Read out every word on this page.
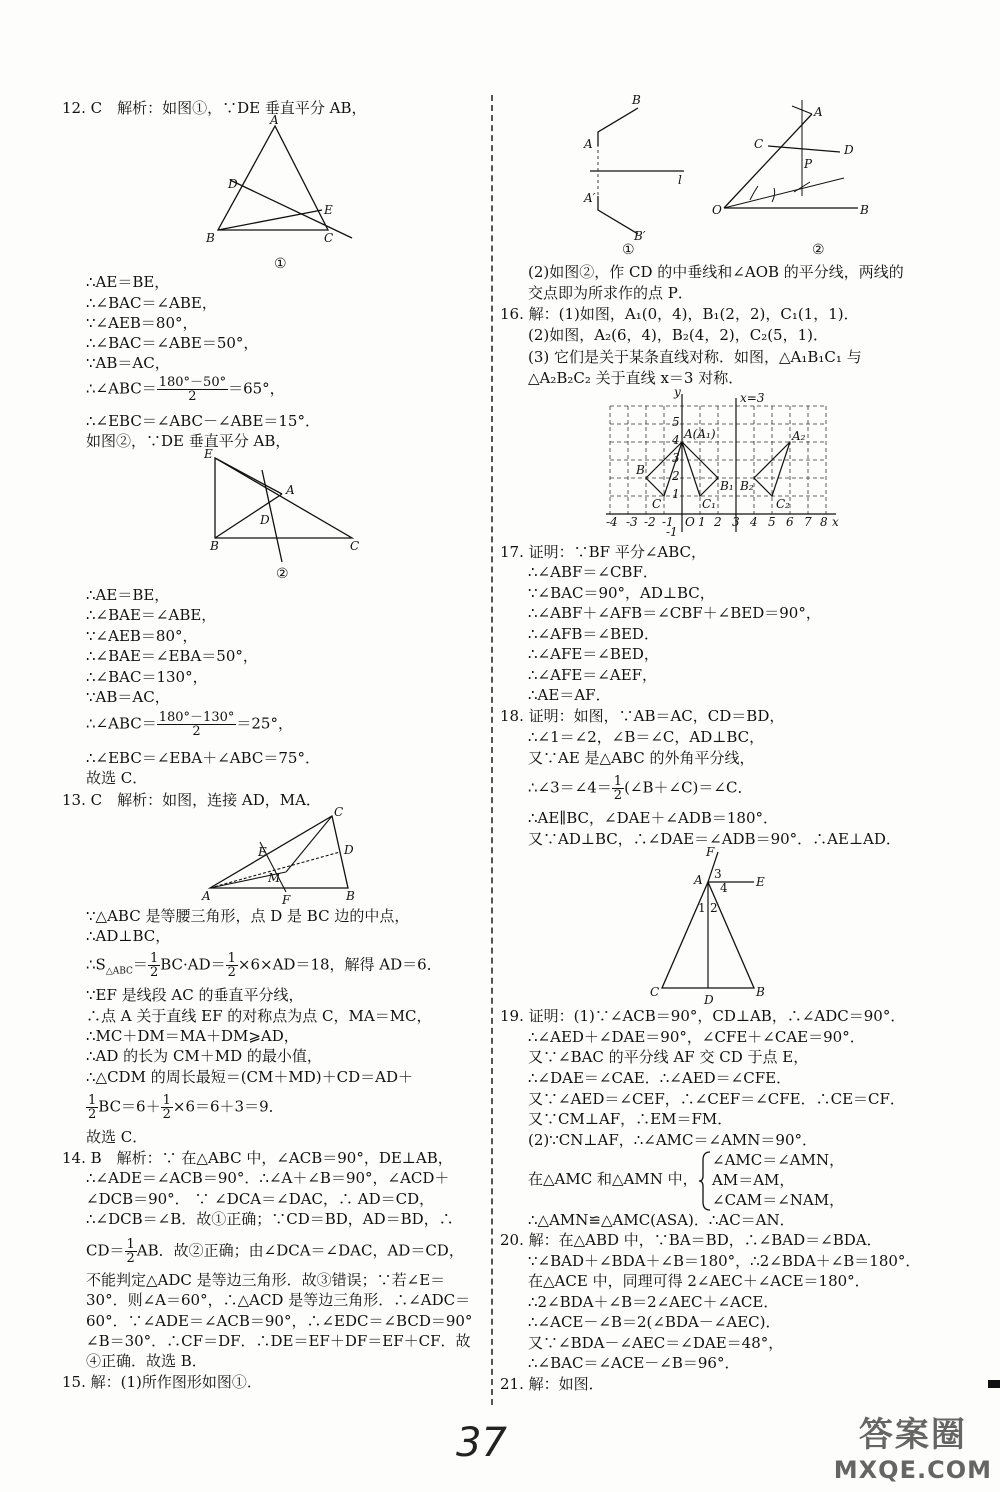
12. C　解析：如图①，∵DE 垂直平分 AB，
A
B	C
D
E
①
∴AE＝BE，
∴∠BAC＝∠ABE，
∵∠AEB＝80°，
∴∠BAC＝∠ABE＝50°，
∵AB＝AC，
∴∠ABC＝ $\frac{180^\circ-50^\circ}{2} =65^\circ$，
∴∠EBC＝∠ABC－∠ABE＝15°．
如图②，∵DE 垂直平分 AB，
E
A
D
B	C
②
∴AE＝BE，
∴∠BAE＝∠ABE，
∵∠AEB＝80°，
∴∠BAE＝∠EBA＝50°，
∴∠BAC＝130°，
∵AB＝AC，
∴∠ABC＝ $\frac{180^\circ-130^\circ}{2} =25^\circ$，
∴∠EBC＝∠EBA＋∠ABC＝75°．
故选 C．
13. C　解析：如图，连接 AD，MA．
A
C
B
D
E
F
M
∵△ABC 是等腰三角形，点 D 是 BC 边的中点，
∴AD⊥BC，
$\therefore S_{\triangle ABC}= \frac{1}{2} BC\cdot AD= \frac{1}{2} \times 6\times AD=18$，解得 AD＝6．
∵EF 是线段 AC 的垂直平分线，
∴点 A 关于直线 EF 的对称点为点 C，MA＝MC，
∴MC＋DM＝MA＋DM⩾AD，
∴AD 的长为 CM＋MD 的最小值，
∴△CDM 的周长最短＝(CM＋MD)＋CD＝AD＋
$\frac{1}{2} BC=6+ \frac{1}{2} \times 6=6+3=9$．
故选 C．
14. B　解析：∵ 在△ABC 中，∠ACB＝90°，DE⊥AB，
∴∠ADE＝∠ACB＝90°．∴∠A＋∠B＝90°，∠ACD＋
∠DCB＝90°． ∵ ∠DCA＝∠DAC，∴ AD＝CD，
∴∠DCB＝∠B．故①正确；∵CD＝BD，AD＝BD，∴
$CD= \frac{1}{2}$ AB．故②正确；由∠DCA＝∠DAC，AD＝CD，
不能判定△ADC 是等边三角形．故③错误；∵若∠E＝
30°．则∠A＝60°，∴△ACD 是等边三角形．∴∠ADC＝
60°．∵∠ADE＝∠ACB＝90°，∴∠EDC＝∠BCD＝90°
∠B＝30°．∴CF＝DF．∴DE＝EF＋DF＝EF＋CF．故
④正确．故选 B．
15. 解：(1)所作图形如图①．
B
A
l
A′
B′
①
A
C	D
P
O	B
②
(2)如图②，作 CD 的中垂线和∠AOB 的平分线，两线的
交点即为所求作的点 P．
16. 解：(1)如图，A₁(0，4)，B₁(2，2)，C₁(1，1)．
(2)如图，A₂(6，4)，B₂(4，2)，C₂(5，1)．
(3) 它们是关于某条直线对称．如图，△A₁B₁C₁ 与
△A₂B₂C₂ 关于直线 x＝3 对称．
y
x
x=3
A(A₁)	A₂
B
B₁ B₂
C	C₁	C₂
O
-4 -3 -2 -1 1 2 3 4 5 6 7 8
5
4
3
2
1
-1
17. 证明：∵BF 平分∠ABC，
∴∠ABF＝∠CBF．
∵∠BAC＝90°，AD⊥BC，
∴∠ABF＋∠AFB＝∠CBF＋∠BED＝90°，
∴∠AFB＝∠BED．
∴∠AFE＝∠BED，
∴∠AFE＝∠AEF，
∴AE＝AF．
18. 证明：如图，∵AB＝AC，CD＝BD，
∴∠1＝∠2，∠B＝∠C，AD⊥BC，
又∵AE 是△ABC 的外角平分线，
∴∠3＝∠4＝ $\frac{1}{2}$ (∠B＋∠C)＝∠C．
∴AE∥BC，∠DAE＋∠ADB＝180°．
又∵AD⊥BC，∴∠DAE＝∠ADB＝90°．∴AE⊥AD．
F
A	E
3
4
1 2
C
D
B
19. 证明：(1)∵∠ACB＝90°，CD⊥AB，∴∠ADC＝90°．
∴∠AED＋∠DAE＝90°，∠CFE＋∠CAE＝90°．
又∵∠BAC 的平分线 AF 交 CD 于点 E，
∴∠DAE＝∠CAE．∴∠AED＝∠CFE．
又∵∠AED＝∠CEF，∴∠CEF＝∠CFE．∴CE＝CF．
又∵CM⊥AF，∴EM＝FM．
(2)∵CN⊥AF，∴∠AMC＝∠AMN＝90°．
在△AMC 和△AMN 中，
∠AMC＝∠AMN，
AM＝AM，
∠CAM＝∠NAM，
∴△AMN≌△AMC(ASA)．∴AC＝AN．
20. 解：在△ABD 中，∵BA＝BD，∴∠BAD＝∠BDA．
∵∠BAD＋∠BDA＋∠B＝180°，∴2∠BDA＋∠B＝180°．
在△ACE 中，同理可得 2∠AEC＋∠ACE＝180°．
∴2∠BDA＋∠B＝2∠AEC＋∠ACE．
∴∠ACE－∠B＝2(∠BDA－∠AEC)．
又∵∠BDA－∠AEC＝∠DAE＝48°，
∴∠BAC＝∠ACE－∠B＝96°．
21. 解：如图．
37	答案圈
MXQE.COM
